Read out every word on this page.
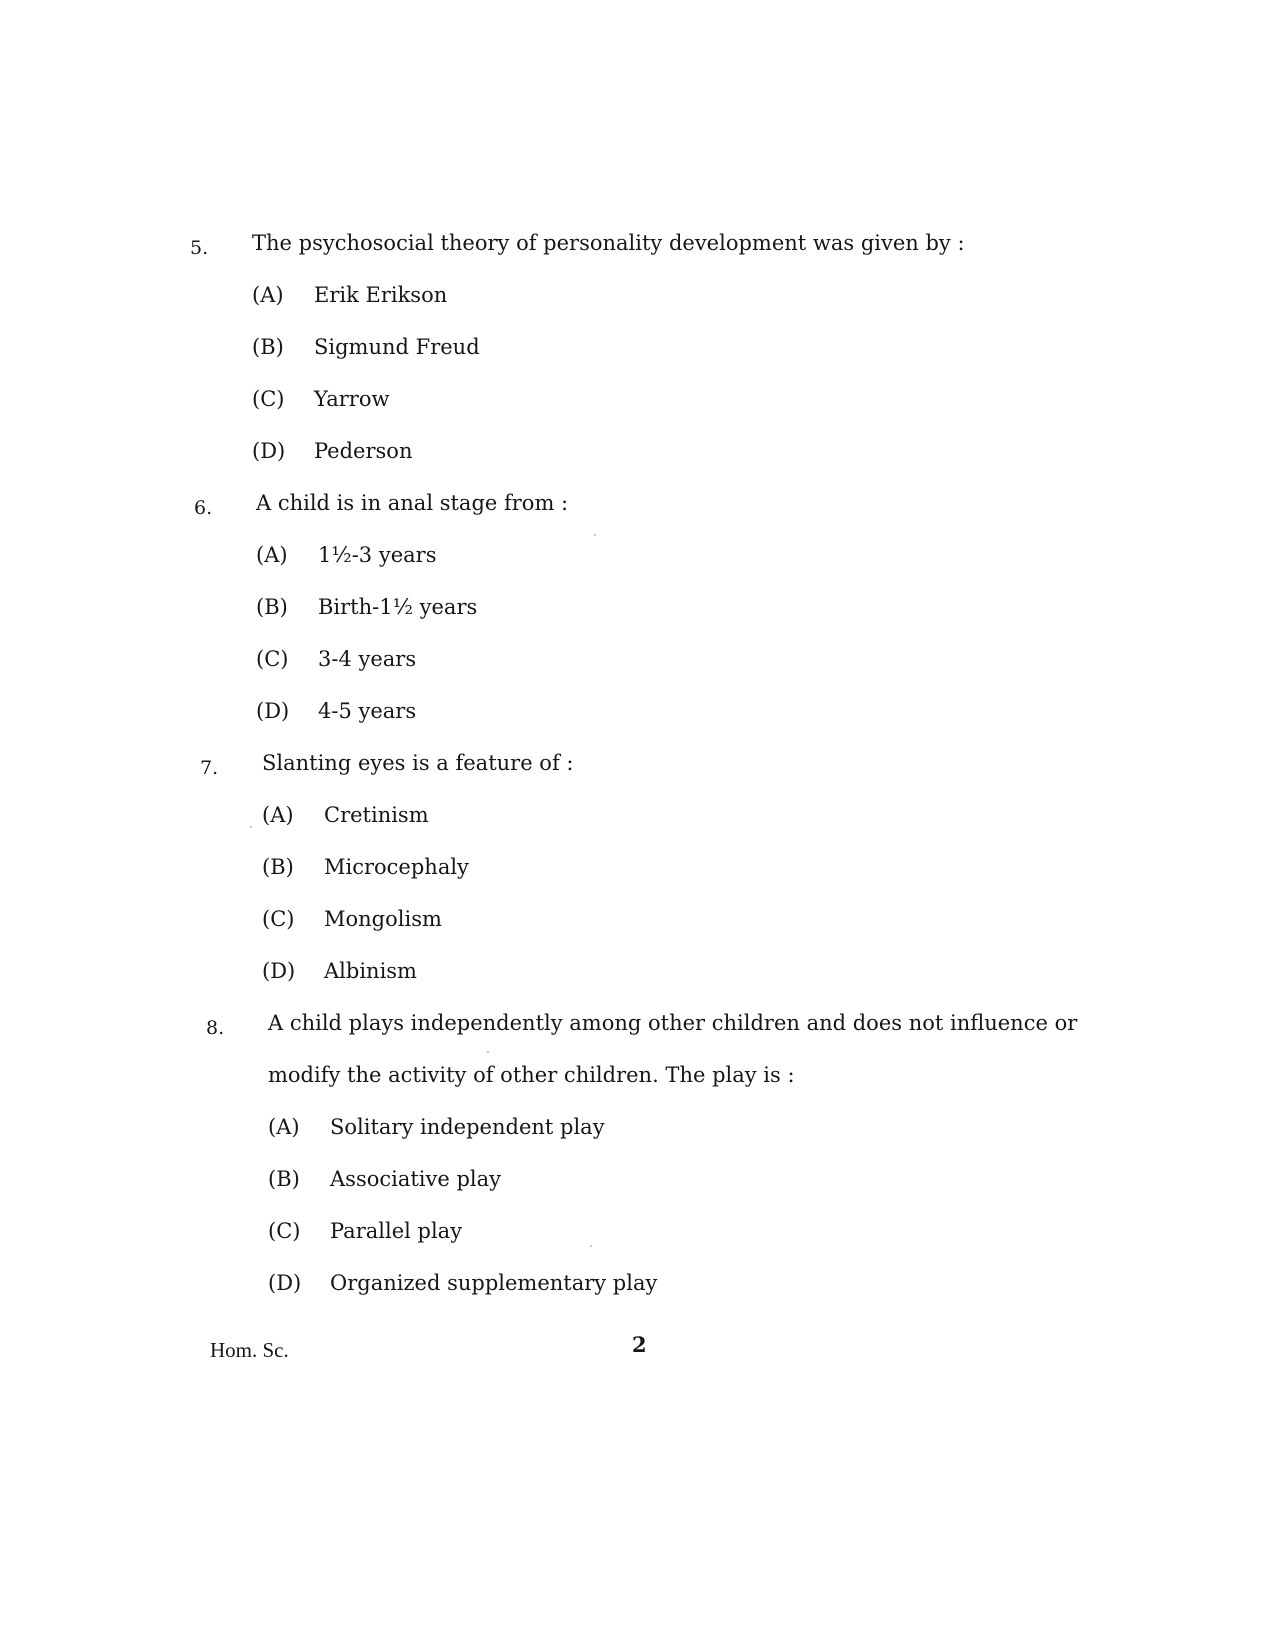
5. The psychosocial theory of personality development was given by :
(A) Erik Erikson
(B) Sigmund Freud
(C) Yarrow
(D) Pederson
6. A child is in anal stage from :
(A) 1½-3 years
(B) Birth-1½ years
(C) 3-4 years
(D) 4-5 years
7. Slanting eyes is a feature of :
(A) Cretinism
(B) Microcephaly
(C) Mongolism
(D) Albinism
8. A child plays independently among other children and does not influence or
modify the activity of other children. The play is :
(A) Solitary independent play
(B) Associative play
(C) Parallel play
(D) Organized supplementary play
Hom. Sc.	2
